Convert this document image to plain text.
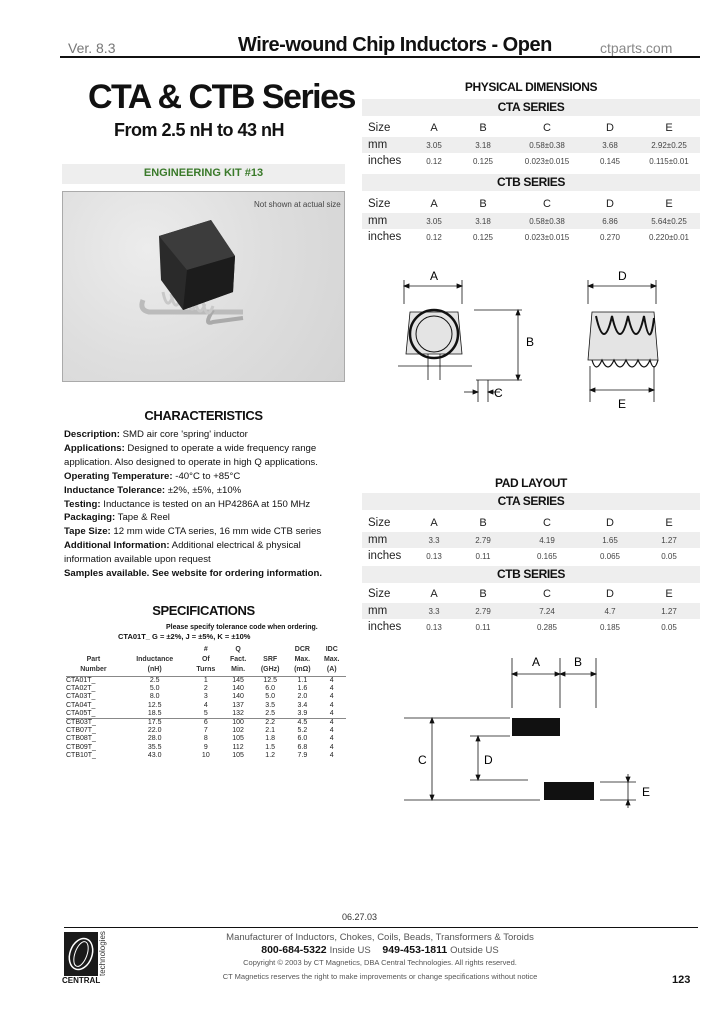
Ver. 8.3	Wire-wound Chip Inductors - Open	ctparts.com
CTA & CTB Series
From 2.5 nH to 43 nH
ENGINEERING KIT #13
Not shown at actual size
CHARACTERISTICS
Description: SMD air core 'spring' inductor
Applications: Designed to operate a wide frequency range
application. Also designed to operate in high Q applications.
Operating Temperature: -40°C to +85°C
Inductance Tolerance: ±2%, ±5%, ±10%
Testing: Inductance is tested on an HP4286A at 150 MHz
Packaging: Tape & Reel
Tape Size: 12 mm wide CTA series, 16 mm wide CTB series
Additional Information: Additional electrical & physical
information available upon request
Samples available. See website for ordering information.
SPECIFICATIONS
Please specify tolerance code when ordering.
CTA01T_ G = ±2%, J = ±5%, K = ±10%
		#	Q		DCR	IDC
Part	Inductance	Of	Fact.	SRF	Max.	Max.
Number	(nH)	Turns	Min.	(GHz)	(mΩ)	(A)
CTA01T_	2.5	1	145	12.5	1.1	4
CTA02T_	5.0	2	140	6.0	1.6	4
CTA03T_	8.0	3	140	5.0	2.0	4
CTA04T_	12.5	4	137	3.5	3.4	4
CTA05T_	18.5	5	132	2.5	3.9	4
CTB03T_	17.5	6	100	2.2	4.5	4
CTB07T_	22.0	7	102	2.1	5.2	4
CTB08T_	28.0	8	105	1.8	6.0	4
CTB09T_	35.5	9	112	1.5	6.8	4
CTB10T_	43.0	10	105	1.2	7.9	4
PHYSICAL DIMENSIONS
CTA SERIES
Size	A	B	C	D	E
mm	3.05	3.18	0.58±0.38	3.68	2.92±0.25
inches	0.12	0.125	0.023±0.015	0.145	0.115±0.01
CTB SERIES
Size	A	B	C	D	E
mm	3.05	3.18	0.58±0.38	6.86	5.64±0.25
inches	0.12	0.125	0.023±0.015	0.270	0.220±0.01
A
B
C
D
E
PAD LAYOUT
CTA SERIES
Size	A	B	C	D	E
mm	3.3	2.79	4.19	1.65	1.27
inches	0.13	0.11	0.165	0.065	0.05
CTB SERIES
Size	A	B	C	D	E
mm	3.3	2.79	7.24	4.7	1.27
inches	0.13	0.11	0.285	0.185	0.05
A	B
C	D
E
06.27.03
CENTRAL
technologies	Manufacturer of Inductors, Chokes, Coils, Beads, Transformers & Toroids
800-684-5322 Inside US 949-453-1811 Outside US
Copyright © 2003 by CT Magnetics, DBA Central Technologies. All rights reserved.
CT Magnetics reserves the right to make improvements or change specifications without notice	123
